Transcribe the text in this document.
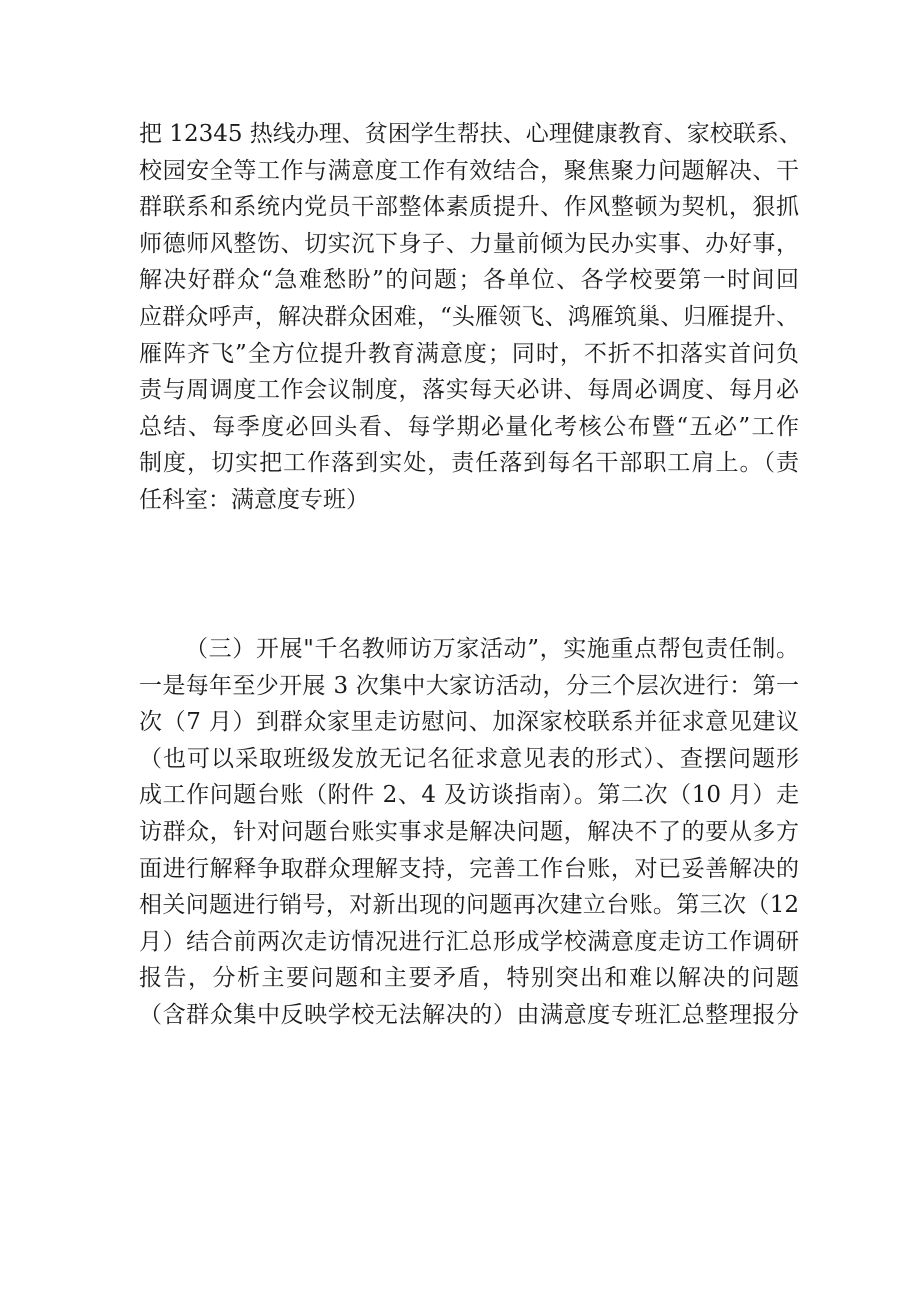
把 12345 热线办理、贫困学生帮扶、心理健康教育、家校联系、
校园安全等工作与满意度工作有效结合，聚焦聚力问题解决、干
群联系和系统内党员干部整体素质提升、作风整顿为契机，狠抓
师德师风整饬、切实沉下身子、力量前倾为民办实事、办好事，
解决好群众“急难愁盼”的问题；各单位、各学校要第一时间回
应群众呼声，解决群众困难，“头雁领飞、鸿雁筑巢、归雁提升、
雁阵齐飞”全方位提升教育满意度；同时，不折不扣落实首问负
责与周调度工作会议制度，落实每天必讲、每周必调度、每月必
总结、每季度必回头看、每学期必量化考核公布暨“五必”工作
制度，切实把工作落到实处，责任落到每名干部职工肩上。（责
任科室：满意度专班）
（三）开展"千名教师访万家活动”，实施重点帮包责任制。
一是每年至少开展 3 次集中大家访活动，分三个层次进行：第一
次（7 月）到群众家里走访慰问、加深家校联系并征求意见建议
（也可以采取班级发放无记名征求意见表的形式）、查摆问题形
成工作问题台账（附件 2、4 及访谈指南）。第二次（10 月）走
访群众，针对问题台账实事求是解决问题，解决不了的要从多方
面进行解释争取群众理解支持，完善工作台账，对已妥善解决的
相关问题进行销号，对新出现的问题再次建立台账。第三次（12
月）结合前两次走访情况进行汇总形成学校满意度走访工作调研
报告，分析主要问题和主要矛盾，特别突出和难以解决的问题
（含群众集中反映学校无法解决的）由满意度专班汇总整理报分
